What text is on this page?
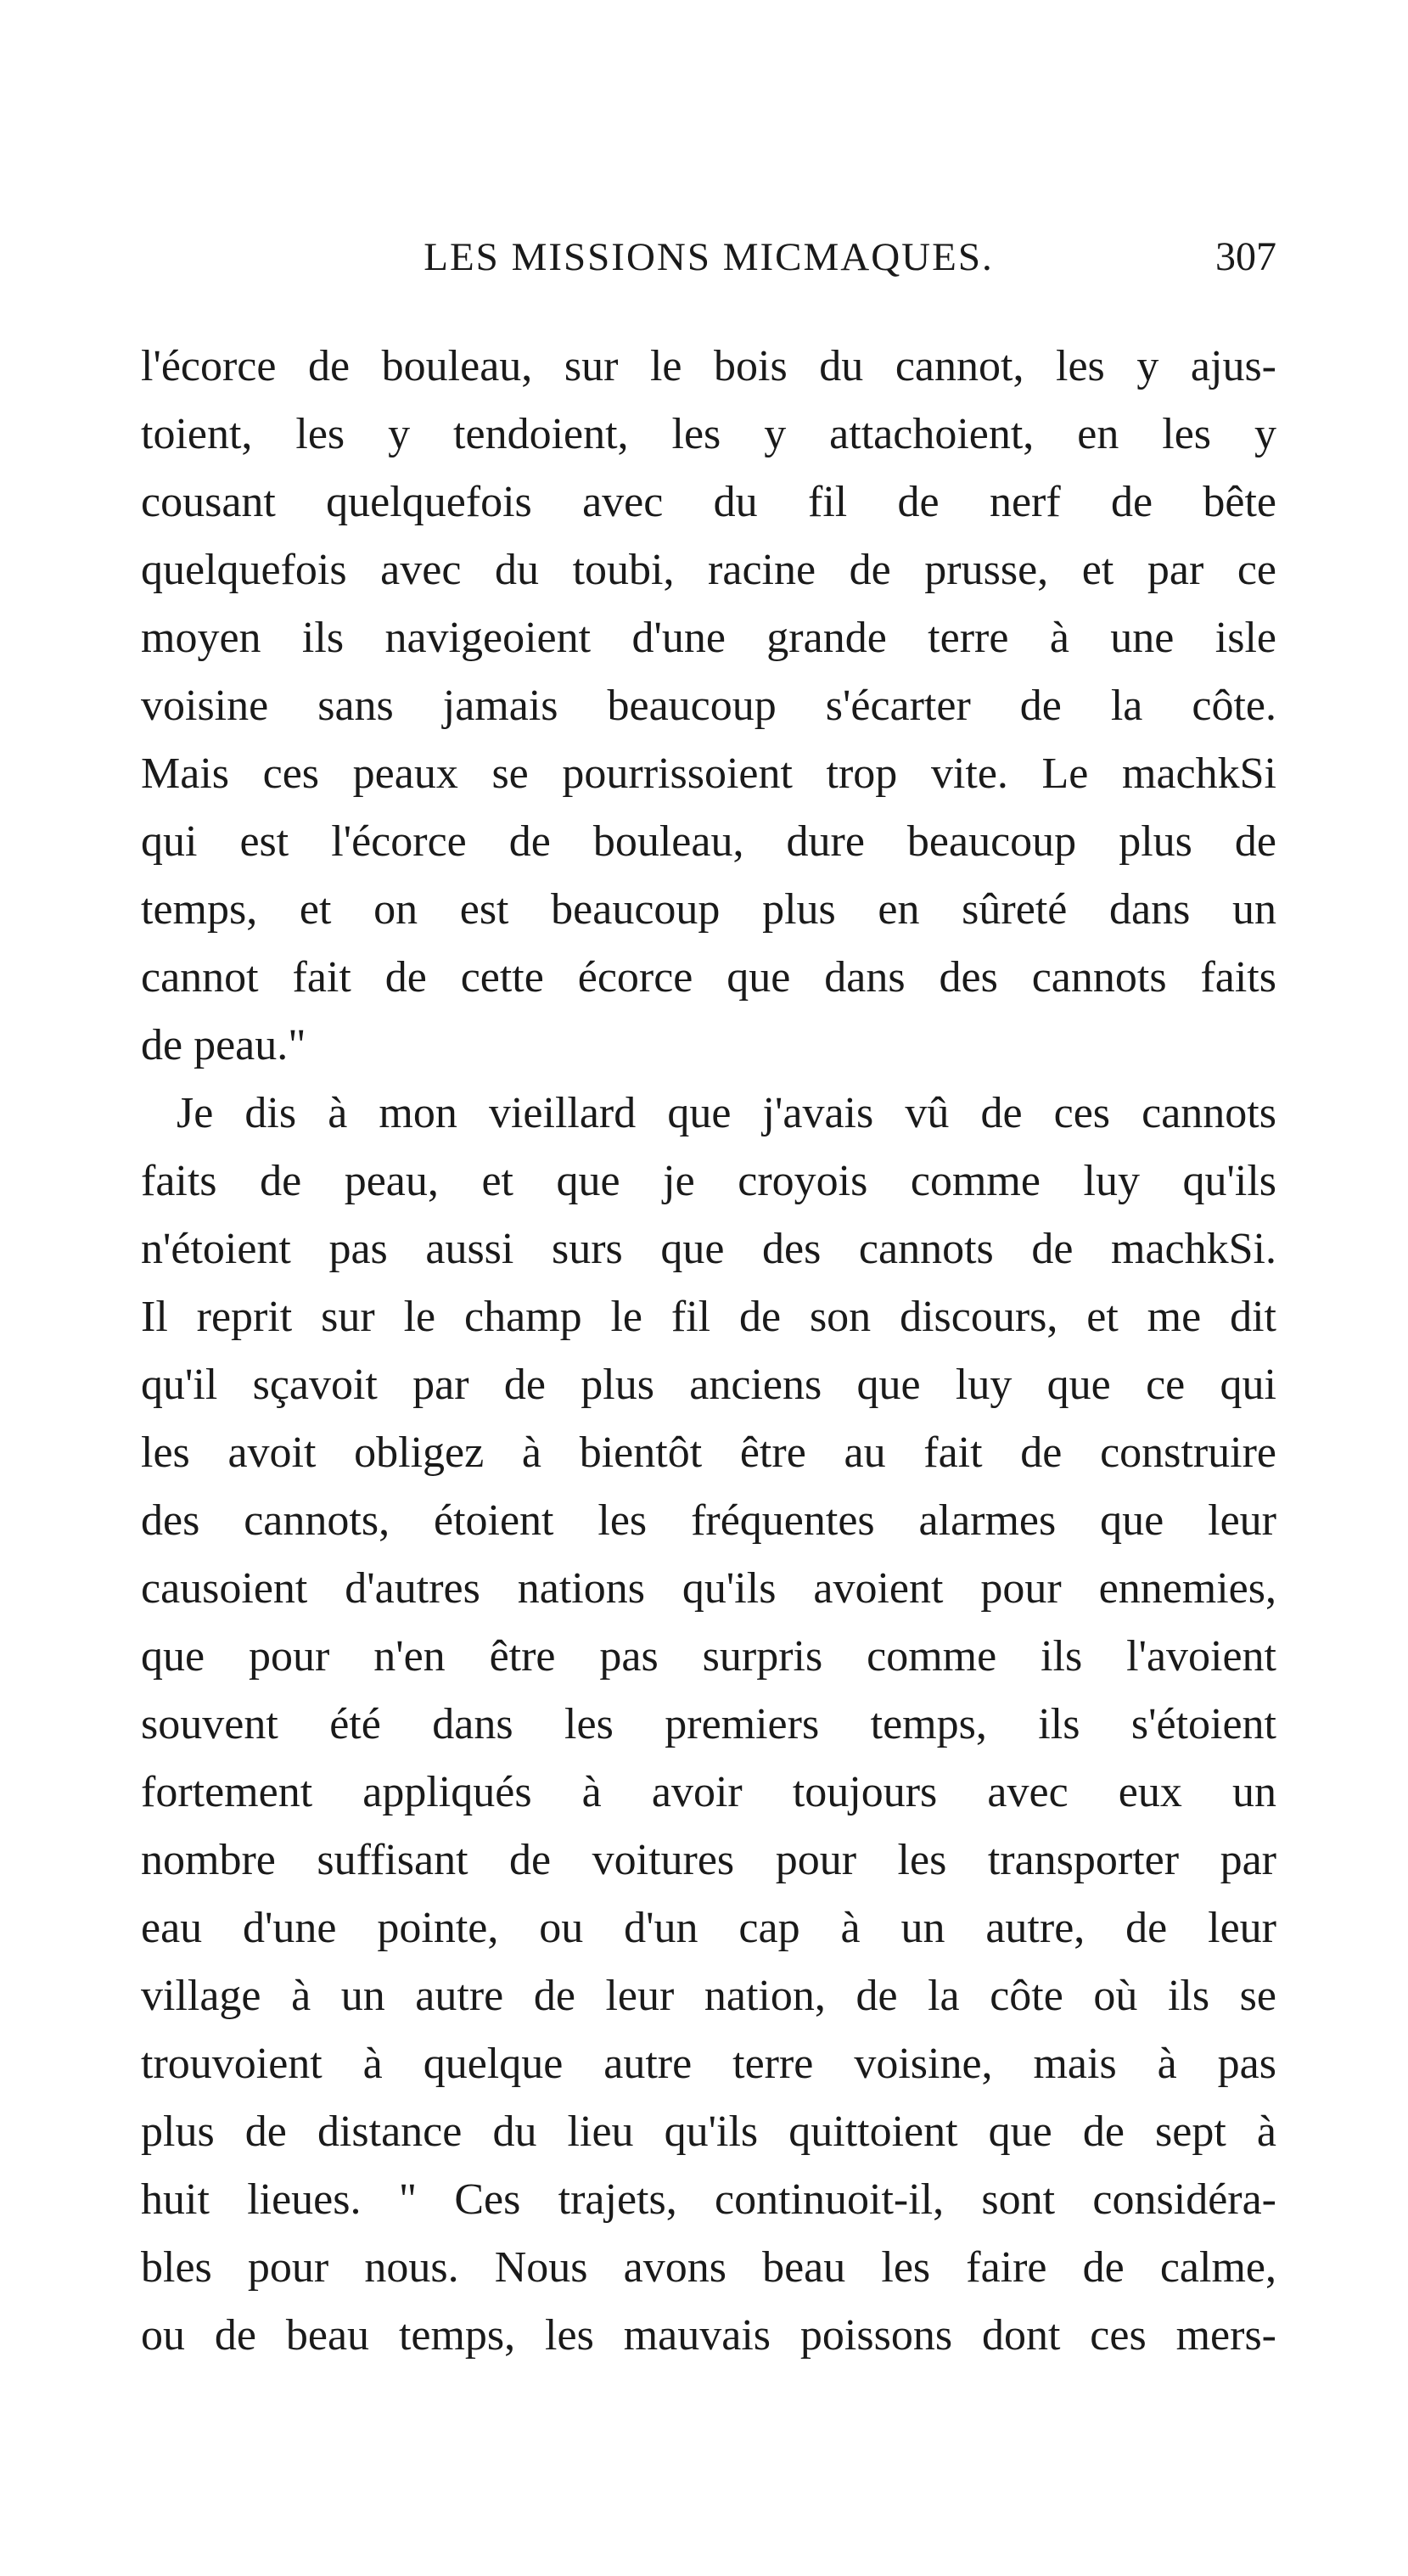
LES MISSIONS MICMAQUES.	307
l'écorce de bouleau, sur le bois du cannot, les y ajus-
toient, les y tendoient, les y attachoient, en les y
cousant quelquefois avec du fil de nerf de bête
quelquefois avec du toubi, racine de prusse, et par ce
moyen ils navigeoient d'une grande terre à une isle
voisine sans jamais beaucoup s'écarter de la côte.
Mais ces peaux se pourrissoient trop vite. Le machkSi
qui est l'écorce de bouleau, dure beaucoup plus de
temps, et on est beaucoup plus en sûreté dans un
cannot fait de cette écorce que dans des cannots faits
de peau."
Je dis à mon vieillard que j'avais vû de ces cannots
faits de peau, et que je croyois comme luy qu'ils
n'étoient pas aussi surs que des cannots de machkSi.
Il reprit sur le champ le fil de son discours, et me dit
qu'il sçavoit par de plus anciens que luy que ce qui
les avoit obligez à bientôt être au fait de construire
des cannots, étoient les fréquentes alarmes que leur
causoient d'autres nations qu'ils avoient pour ennemies,
que pour n'en être pas surpris comme ils l'avoient
souvent été dans les premiers temps, ils s'étoient
fortement appliqués à avoir toujours avec eux un
nombre suffisant de voitures pour les transporter par
eau d'une pointe, ou d'un cap à un autre, de leur
village à un autre de leur nation, de la côte où ils se
trouvoient à quelque autre terre voisine, mais à pas
plus de distance du lieu qu'ils quittoient que de sept à
huit lieues. " Ces trajets, continuoit-il, sont considéra-
bles pour nous. Nous avons beau les faire de calme,
ou de beau temps, les mauvais poissons dont ces mers-
